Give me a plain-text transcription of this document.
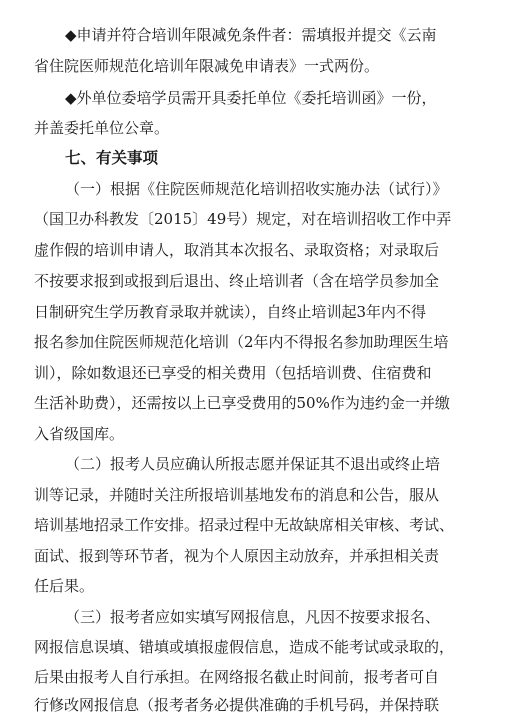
◆申请并符合培训年限减免条件者：需填报并提交《云南
省住院医师规范化培训年限减免申请表》一式两份。
◆外单位委培学员需开具委托单位《委托培训函》一份，
并盖委托单位公章。
七、有关事项
（一）根据《住院医师规范化培训招收实施办法（试行）》
（国卫办科教发〔2015〕49号）规定，对在培训招收工作中弄
虚作假的培训申请人，取消其本次报名、录取资格；对录取后
不按要求报到或报到后退出、终止培训者（含在培学员参加全
日制研究生学历教育录取并就读），自终止培训起3年内不得
报名参加住院医师规范化培训（2年内不得报名参加助理医生培
训），除如数退还已享受的相关费用（包括培训费、住宿费和
生活补助费），还需按以上已享受费用的50%作为违约金一并缴
入省级国库。
（二）报考人员应确认所报志愿并保证其不退出或终止培
训等记录，并随时关注所报培训基地发布的消息和公告，服从
培训基地招录工作安排。招录过程中无故缺席相关审核、考试、
面试、报到等环节者，视为个人原因主动放弃，并承担相关责
任后果。
（三）报考者应如实填写网报信息，凡因不按要求报名、
网报信息误填、错填或填报虚假信息，造成不能考试或录取的，
后果由报考人自行承担。在网络报名截止时间前，报考者可自
行修改网报信息（报考者务必提供准确的手机号码，并保持联
